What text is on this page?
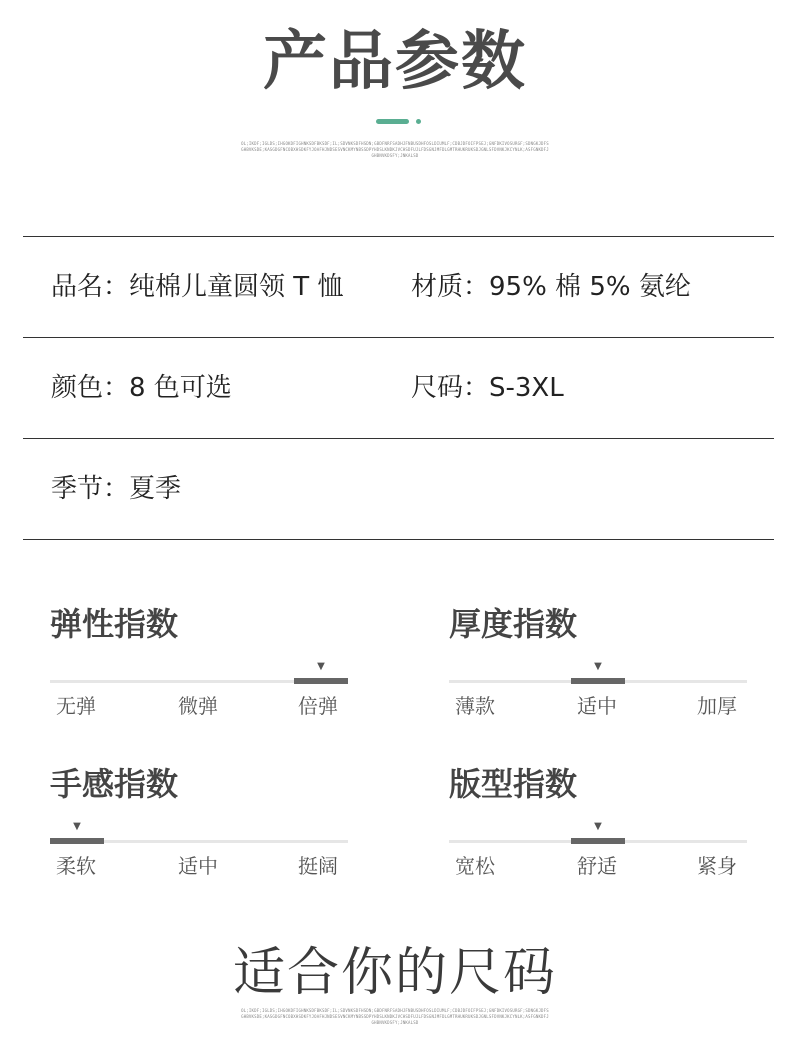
产品参数
OL;IKDF;IGLDS;IHGOKDFIGHNKSDFBKSDF;IL;SDVNKSDFHSDN;GBDFNRFSADHJFNBUSDHFOSLDIUMLF;CDBJDFOIFPSEJ;GNFDKIVOSURGF;SDNGKJDFSGHBVKSDE;KASGDGFNCOBXHSDKFYJOAFHJNDSESVNCKMYNBSSDPYHDSLKNDKJVCHSDFUJLFDSGNJMFDLGMTRHUKRUKSDJGNLSFDVNKJKCYNLK;ASFGNKDFJGHBNVKDSFY;JNKALSD
品名：纯棉儿童圆领 T 恤	材质：95% 棉 5% 氨纶
颜色：8 色可选	尺码：S-3XL
季节：夏季
弹性指数
▼
无弹	微弹	倍弹
厚度指数
▼
薄款	适中	加厚
手感指数
▼
柔软	适中	挺阔
版型指数
▼
宽松	舒适	紧身
适合你的尺码
OL;IKDF;IGLDS;IHGOKDFIGHNKSDFBKSDF;IL;SDVNKSDFHSDN;GBDFNRFSADHJFNBUSDHFOSLDIUMLF;CDBJDFOIFPSEJ;GNFDKIVOSURGF;SDNGKJDFSGHBVKSDE;KASGDGFNCOBXHSDKFYJOAFHJNDSESVNCKMYNBSSDPYHDSLKNDKJVCHSDFUJLFDSGNJMFDLGMTRHUKRUKSDJGNLSFDVNKJKCYNLK;ASFGNKDFJGHBNVKDSFY;JNKALSD
